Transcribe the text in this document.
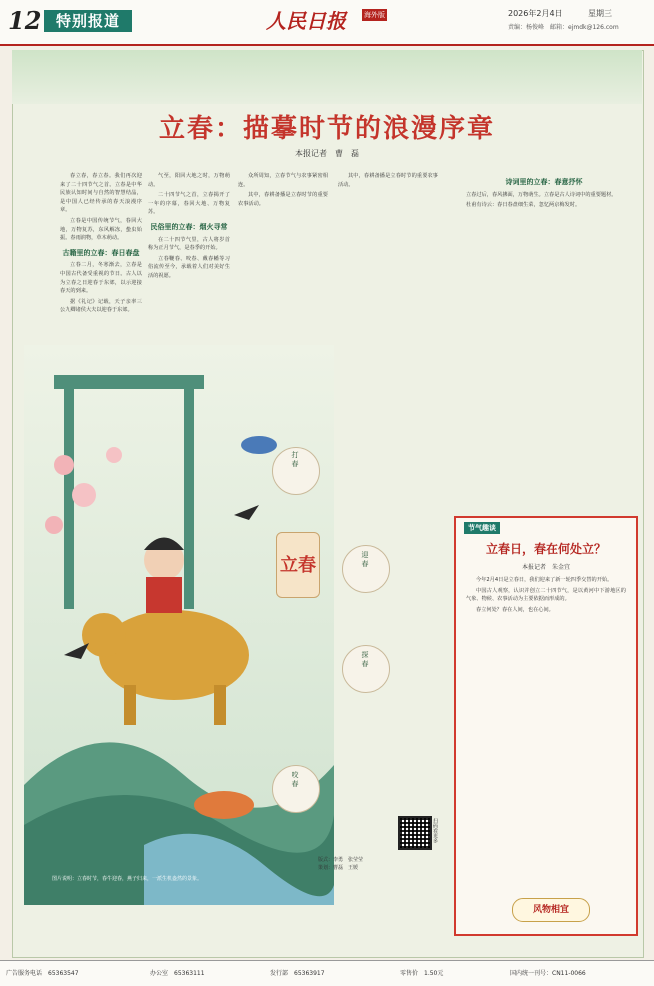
12 特别报道	人民日报	海外版	2026年2月4日	星期三
责编：杨俊峰　邮箱：ejmdk@126.com
立春：描摹时节的浪漫序章
本报记者　曹　磊

春立春，春立春。我们再次迎来了二十四节气之首。立春是中华民族认知时间与自然的智慧结晶，是中国人已经传承的春天浪漫序章。

立春是中国传统节气，春回大地，万物复苏，东风解冻，蛰虫始振。春雨润物，草木萌动。

古籍里的立春：春日春盘

立春二月，冬寒渐去，立春是中国古代备受重视的节日。古人以为立春之日迎春于东郊，以示迎接春天的到来。

据《礼记》记载，天子亲率三公九卿诸侯大夫以迎春于东郊。

气至，阳回大地之时，万物萌动。

二十四节气之首，立春揭开了一年的序幕，春回大地、万物复苏。

民俗里的立春：烟火寻常

在二十四节气里，古人将岁首称为正月节气，是春季的开始。

立春鞭春、咬春、戴春幡等习俗流传至今，承载着人们对美好生活的祝愿。

众所周知，立春节气与农事紧密相连。

其中，春耕备播是立春时节的重要农事活动。

其中，春耕备播是立春时节的重要农事活动。	诗词里的立春：春意抒怀

立春过后，春风拂面，万物萌生。立春是古人诗词中的重要题材。

杜甫有诗云：春日春盘细生菜，忽忆两京梅发时。

打春
迎春
探春
咬春
立春
节气趣谈
立春日，春在何处立？
本报记者　朱金宜

今年2月4日是立春日，我们迎来了新一轮四季交替的开始。

中国古人观察，认识并创立二十四节气，是以黄河中下游地区的气象、物候、农事活动为主要依据而形成的。

春立何处？春在人间，也在心间。

风物相宜
扫码看更多
版式：李勇　张莹莹
策划：曹磊　王媛
图片说明：立春时节，春牛迎春，燕子归来，一派生机盎然的景象。
广告服务电话　65363547	办公室　65363111	发行部　65363917	零售价　1.50元	国内统一刊号：CN11-0066
